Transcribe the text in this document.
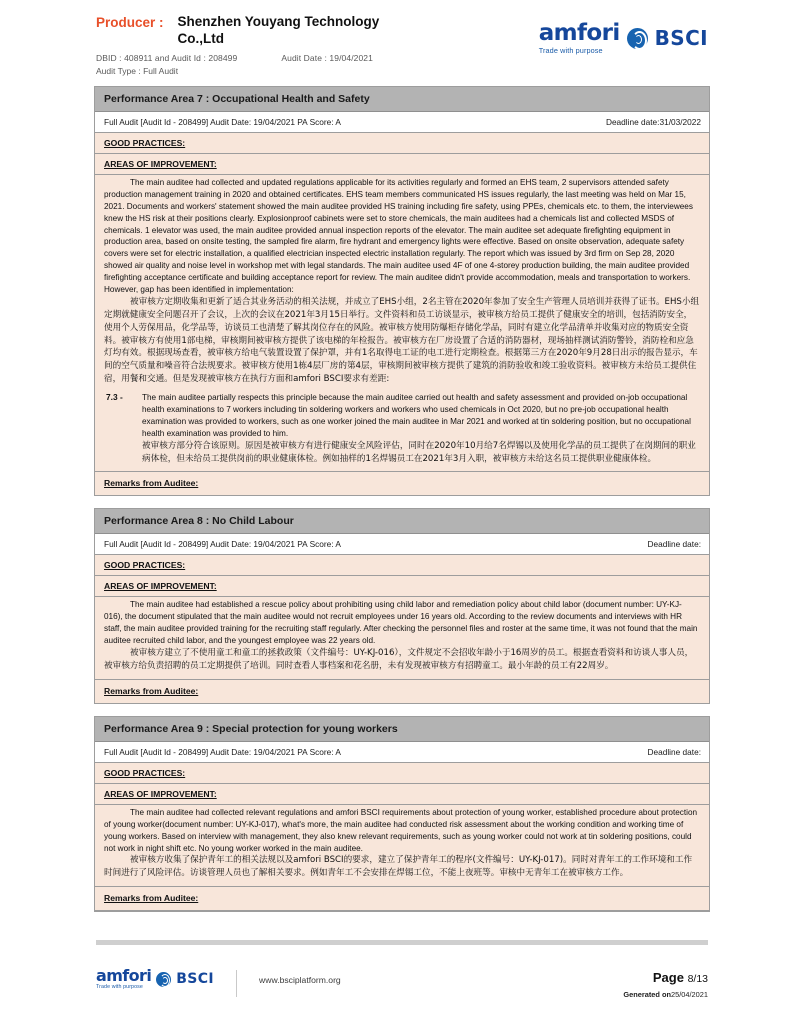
Producer : Shenzhen Youyang Technology Co.,Ltd
DBID : 408911 and Audit Id : 208499	Audit Date : 19/04/2021
Audit Type : Full Audit
amfori
Trade with purpose
BSCI
Performance Area 7 : Occupational Health and Safety
Full Audit [Audit Id - 208499] Audit Date: 19/04/2021 PA Score: A	Deadline date:31/03/2022
GOOD PRACTICES:
AREAS OF IMPROVEMENT:

The main auditee had collected and updated regulations applicable for its activities regularly and formed an EHS team, 2 supervisors attended safety production management training in 2020 and obtained certificates. EHS team members communicated HS issues regularly, the last meeting was held on Mar 15, 2021. Documents and workers' statement showed the main auditee provided HS training including fire safety, using PPEs, chemicals etc. to them, the interviewees knew the HS risk at their positions clearly. Explosionproof cabinets were set to store chemicals, the main auditees had a chemicals list and collected MSDS of chemicals. 1 elevator was used, the main auditee provided annual inspection reports of the elevator. The main auditee set adequate firefighting equipment in production area, based on onsite testing, the sampled fire alarm, fire hydrant and emergency lights were effective. Based on onsite observation, adequate safety covers were set for electric installation, a qualified electrician inspected electric installation regularly. The report which was issued by 3rd firm on Sep 28, 2020 showed air quality and noise level in workshop met with legal standards. The main auditee used 4F of one 4-storey production building, the main auditee provided firefighting acceptance certificate and building acceptance report for review. The main auditee didn't provide accommodation, meals and transportation to workers. However, gap has been identified in implementation:

被审核方定期收集和更新了适合其业务活动的相关法规，并成立了EHS小组，2名主管在2020年参加了安全生产管理人员培训并获得了证书。EHS小组定期就健康安全问题召开了会议，上次的会议在2021年3月15日举行。文件资料和员工访谈显示，被审核方给员工提供了健康安全的培训，包括消防安全，使用个人劳保用品，化学品等，访谈员工也清楚了解其岗位存在的风险。被审核方使用防爆柜存储化学品，同时有建立化学品清单并收集对应的物质安全资料。被审核方有使用1部电梯，审核期间被审核方提供了该电梯的年检报告。被审核方在厂房设置了合适的消防器材，现场抽样测试消防警铃，消防栓和应急灯均有效。根据现场查看，被审核方给电气装置设置了保护罩，并有1名取得电工证的电工进行定期检查。根据第三方在2020年9月28日出示的报告显示，车间的空气质量和噪音符合法规要求。被审核方使用1栋4层厂房的第4层，审核期间被审核方提供了建筑的消防验收和竣工验收资料。被审核方未给员工提供住宿，用餐和交通。但是发现被审核方在执行方面和amfori BSCI要求有差距:

7.3 -	The main auditee partially respects this principle because the main auditee carried out health and safety assessment and provided on-job occupational health examinations to 7 workers including tin soldering workers and workers who used chemicals in Oct 2020, but no pre-job occupational health examination was provided to workers, such as one worker joined the main auditee in Mar 2021 and worked at tin soldering position, but no occupational health examination was provided to him.

被审核方部分符合该原则。原因是被审核方有进行健康安全风险评估，同时在2020年10月给7名焊锡以及使用化学品的员工提供了在岗期间的职业病体检，但未给员工提供岗前的职业健康体检。例如抽样的1名焊锡员工在2021年3月入职，被审核方未给这名员工提供职业健康体检。

Remarks from Auditee:
Performance Area 8 : No Child Labour
Full Audit [Audit Id - 208499] Audit Date: 19/04/2021 PA Score: A	Deadline date:
GOOD PRACTICES:
AREAS OF IMPROVEMENT:

The main auditee had established a rescue policy about prohibiting using child labor and remediation policy about child labor (document number: UY-KJ-016), the document stipulated that the main auditee would not recruit employees under 16 years old. According to the review documents and interviews with HR staff, the main auditee provided training for the recruiting staff regularly. After checking the personnel files and roster at the same time, it was not found that the main auditee recruited child labor, and the youngest employee was 22 years old.

被审核方建立了不使用童工和童工的拯救政策（文件编号：UY-KJ-016），文件规定不会招收年龄小于16周岁的员工。根据查看资料和访谈人事人员，被审核方给负责招聘的员工定期提供了培训。同时查看人事档案和花名册，未有发现被审核方有招聘童工。最小年龄的员工有22周岁。

Remarks from Auditee:
Performance Area 9 : Special protection for young workers
Full Audit [Audit Id - 208499] Audit Date: 19/04/2021 PA Score: A	Deadline date:
GOOD PRACTICES:
AREAS OF IMPROVEMENT:

The main auditee had collected relevant regulations and amfori BSCI requirements about protection of young worker, established procedure about protection of young worker(document number: UY-KJ-017), what's more, the main auditee had conducted risk assessment about the working condition and working time of young workers. Based on interview with management, they also knew relevant requirements, such as young worker could not work at tin soldering positions, could not work in night shift etc. No young worker worked in the main auditee.

被审核方收集了保护青年工的相关法规以及amfori BSCI的要求，建立了保护青年工的程序(文件编号：UY-KJ-017)。同时对青年工的工作环境和工作时间进行了风险评估。访谈管理人员也了解相关要求。例如青年工不会安排在焊锡工位，不能上夜班等。审核中无青年工在被审核方工作。

Remarks from Auditee:
amfori
Trade with purpose	BSCI	www.bsciplatform.org	Page 8/13
Generated on25/04/2021
